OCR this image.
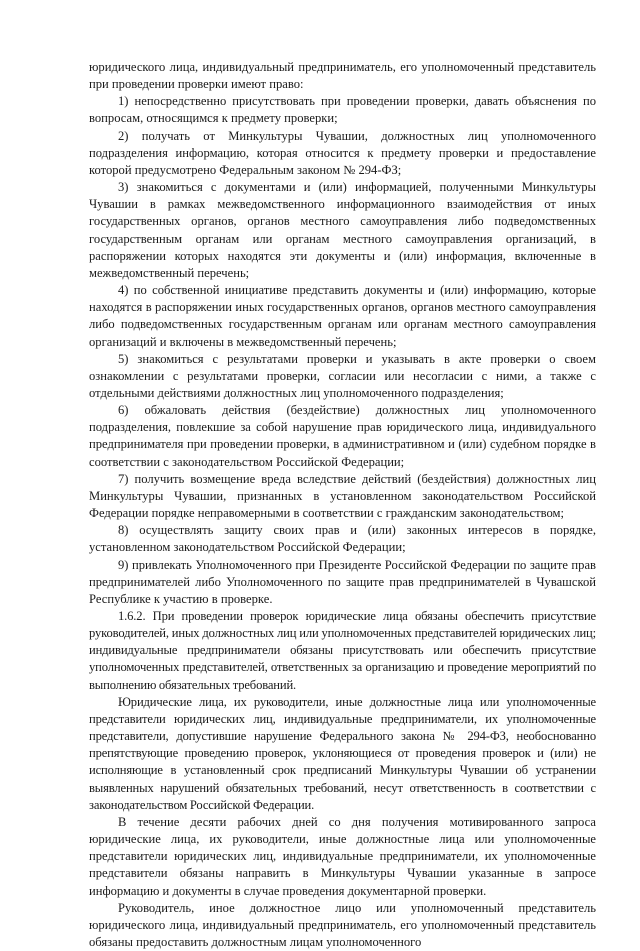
юридического лица, индивидуальный предприниматель, его уполномоченный представитель при проведении проверки имеют право:

1) непосредственно присутствовать при проведении проверки, давать объяснения по вопросам, относящимся к предмету проверки;

2) получать от Минкультуры Чувашии, должностных лиц уполномоченного подразделения информацию, которая относится к предмету проверки и предоставление которой предусмотрено Федеральным законом № 294-ФЗ;

3) знакомиться с документами и (или) информацией, полученными Минкультуры Чувашии в рамках межведомственного информационного взаимодействия от иных государственных органов, органов местного самоуправления либо подведомственных государственным органам или органам местного самоуправления организаций, в распоряжении которых находятся эти документы и (или) информация, включенные в межведомственный перечень;

4) по собственной инициативе представить документы и (или) информацию, которые находятся в распоряжении иных государственных органов, органов местного самоуправления либо подведомственных государственным органам или органам местного самоуправления организаций и включены в межведомственный перечень;

5) знакомиться с результатами проверки и указывать в акте проверки о своем ознакомлении с результатами проверки, согласии или несогласии с ними, а также с отдельными действиями должностных лиц уполномоченного подразделения;

6) обжаловать действия (бездействие) должностных лиц уполномоченного подразделения, повлекшие за собой нарушение прав юридического лица, индивидуального предпринимателя при проведении проверки, в административном и (или) судебном порядке в соответствии с законодательством Российской Федерации;

7) получить возмещение вреда вследствие действий (бездействия) должностных лиц Минкультуры Чувашии, признанных в установленном законодательством Российской Федерации порядке неправомерными в соответствии с гражданским законодательством;

8) осуществлять защиту своих прав и (или) законных интересов в порядке, установленном законодательством Российской Федерации;

9) привлекать Уполномоченного при Президенте Российской Федерации по защите прав предпринимателей либо Уполномоченного по защите прав предпринимателей в Чувашской Республике к участию в проверке.

1.6.2. При проведении проверок юридические лица обязаны обеспечить присутствие руководителей, иных должностных лиц или уполномоченных представителей юридических лиц; индивидуальные предприниматели обязаны присутствовать или обеспечить присутствие уполномоченных представителей, ответственных за организацию и проведение мероприятий по выполнению обязательных требований.

Юридические лица, их руководители, иные должностные лица или уполномоченные представители юридических лиц, индивидуальные предприниматели, их уполномоченные представители, допустившие нарушение Федерального закона № 294-ФЗ, необоснованно препятствующие проведению проверок, уклоняющиеся от проведения проверок и (или) не исполняющие в установленный срок предписаний Минкультуры Чувашии об устранении выявленных нарушений обязательных требований, несут ответственность в соответствии с законодательством Российской Федерации.

В течение десяти рабочих дней со дня получения мотивированного запроса юридические лица, их руководители, иные должностные лица или уполномоченные представители юридических лиц, индивидуальные предприниматели, их уполномоченные представители обязаны направить в Минкультуры Чувашии указанные в запросе информацию и документы в случае проведения документарной проверки.

Руководитель, иное должностное лицо или уполномоченный представитель юридического лица, индивидуальный предприниматель, его уполномоченный представитель обязаны предоставить должностным лицам уполномоченного
